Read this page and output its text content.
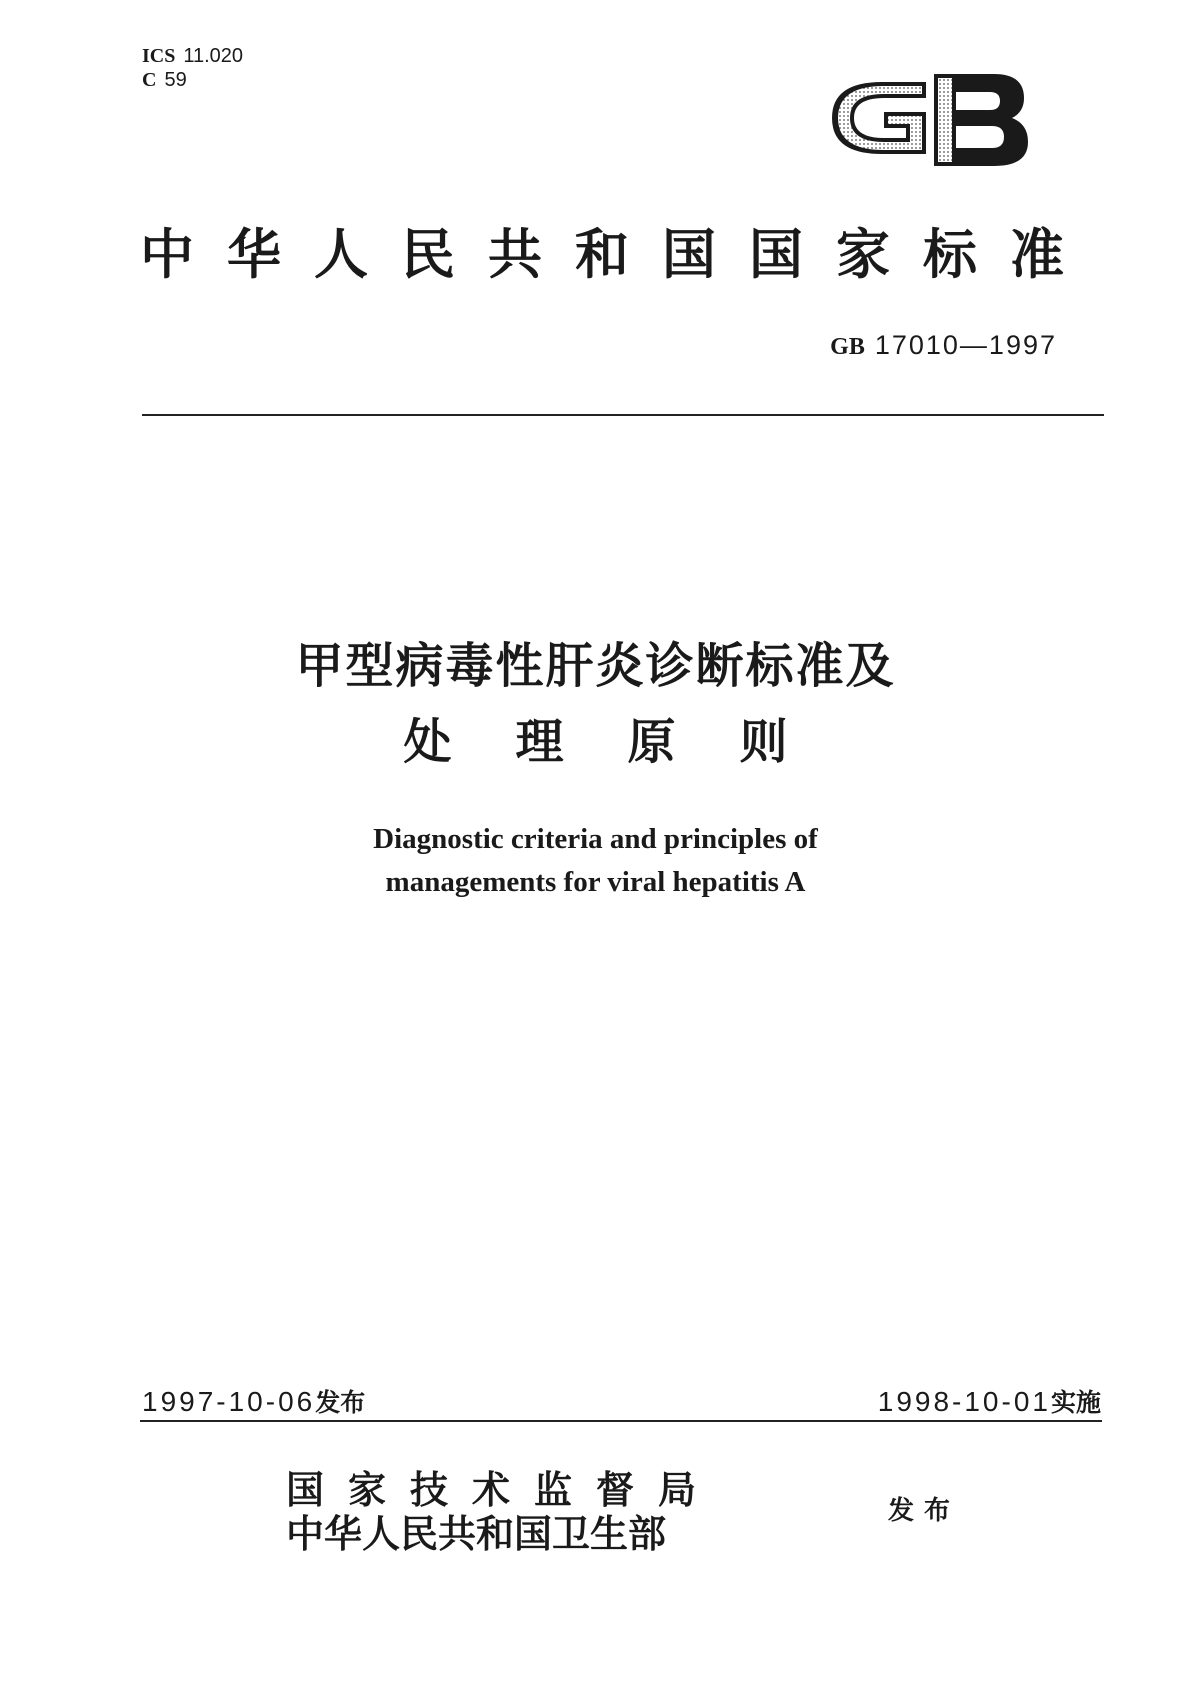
ICS 11.020
C 59
中华人民共和国国家标准
GB 17010—1997
甲型病毒性肝炎诊断标准及
处理原则
Diagnostic criteria and principles of
managements for viral hepatitis A
1997-10-06发布	1998-10-01实施
国家技术监督局
中华人民共和国卫生部	发布
